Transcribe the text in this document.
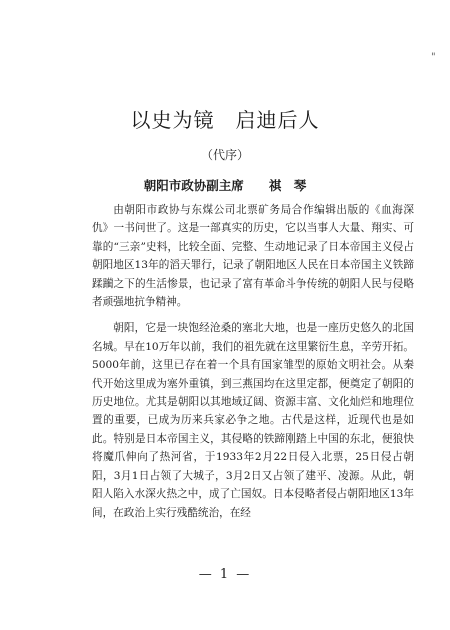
"
以史为镜　启迪后人
（代序）
朝阳市政协副主席　　祺　琴

由朝阳市政协与东煤公司北票矿务局合作编辑出版的《血海深仇》一书问世了。这是一部真实的历史，它以当事人大量、翔实、可靠的“三亲”史料，比较全面、完整、生动地记录了日本帝国主义侵占朝阳地区13年的滔天罪行，记录了朝阳地区人民在日本帝国主义铁蹄蹂躏之下的生活惨景，也记录了富有革命斗争传统的朝阳人民与侵略者顽强地抗争精神。

朝阳，它是一块饱经沧桑的塞北大地，也是一座历史悠久的北国名城。早在10万年以前，我们的祖先就在这里繁衍生息，辛劳开拓。5000年前，这里已存在着一个具有国家雏型的原始文明社会。从秦代开始这里成为塞外重镇，到三燕国均在这里定都，便奠定了朝阳的历史地位。尤其是朝阳以其地域辽阔、资源丰富、文化灿烂和地理位置的重要，已成为历来兵家必争之地。古代是这样，近现代也是如此。特别是日本帝国主义，其侵略的铁蹄刚踏上中国的东北，便狼快将魔爪伸向了热河省，于1933年2月22日侵入北票，25日侵占朝阳，3月1日占领了大城子，3月2日又占领了建平、凌源。从此，朝阳人陷入水深火热之中，成了亡国奴。日本侵略者侵占朝阳地区13年间，在政治上实行残酷统治，在经

— 1 —
